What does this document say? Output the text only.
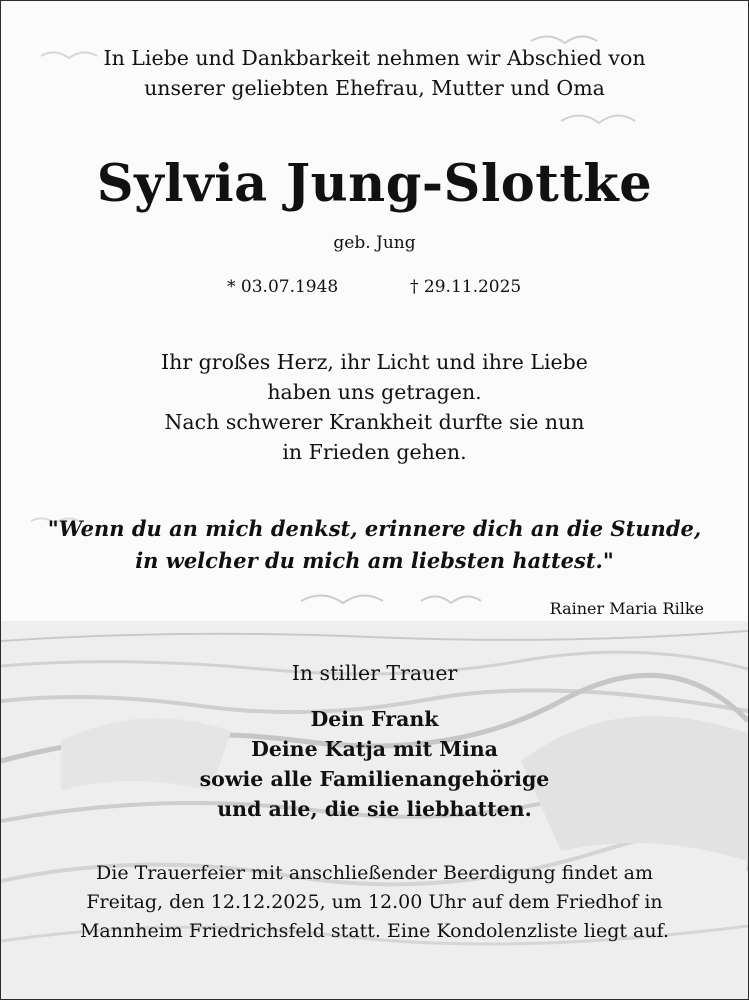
In Liebe und Dankbarkeit nehmen wir Abschied von
unserer geliebten Ehefrau, Mutter und Oma
Sylvia Jung-Slottke
geb. Jung
* 03.07.1948	† 29.11.2025
Ihr großes Herz, ihr Licht und ihre Liebe
haben uns getragen.
Nach schwerer Krankheit durfte sie nun
in Frieden gehen.
"Wenn du an mich denkst, erinnere dich an die Stunde,
in welcher du mich am liebsten hattest."
Rainer Maria Rilke
In stiller Trauer
Dein Frank
Deine Katja mit Mina
sowie alle Familienangehörige
und alle, die sie liebhatten.
Die Trauerfeier mit anschließender Beerdigung findet am
Freitag, den 12.12.2025, um 12.00 Uhr auf dem Friedhof in
Mannheim Friedrichsfeld statt. Eine Kondolenzliste liegt auf.
